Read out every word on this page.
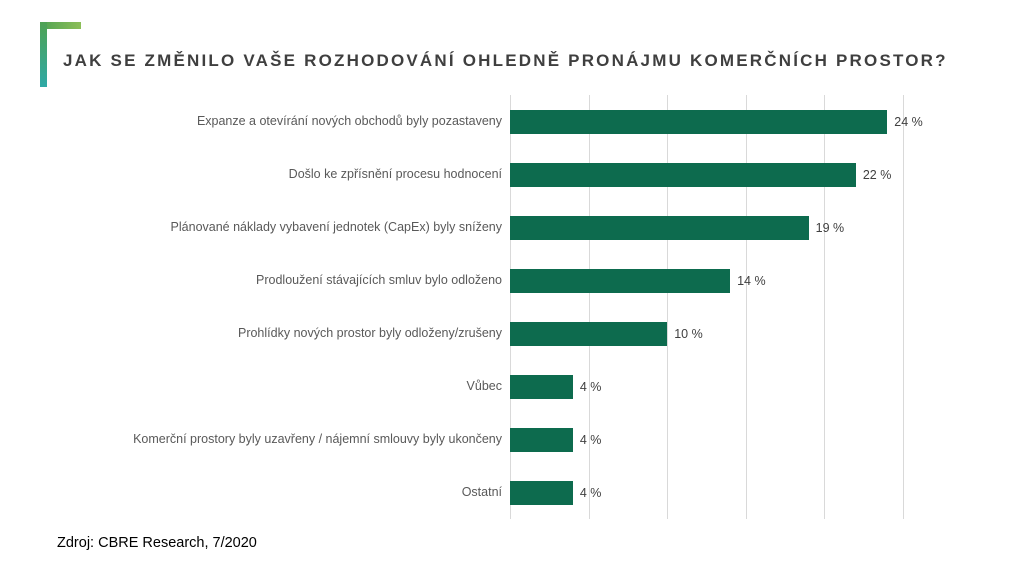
JAK SE ZMĚNILO VAŠE ROZHODOVÁNÍ OHLEDNĚ PRONÁJMU KOMERČNÍCH PROSTOR?
Expanze a otevírání nových obchodů byly pozastaveny	24 %
Došlo ke zpřísnění procesu hodnocení	22 %
Plánované náklady vybavení jednotek (CapEx) byly sníženy	19 %
Prodloužení stávajících smluv bylo odloženo	14 %
Prohlídky nových prostor byly odloženy/zrušeny	10 %
Vůbec	4 %
Komerční prostory byly uzavřeny / nájemní smlouvy byly ukončeny	4 %
Ostatní	4 %
Zdroj: CBRE Research, 7/2020
